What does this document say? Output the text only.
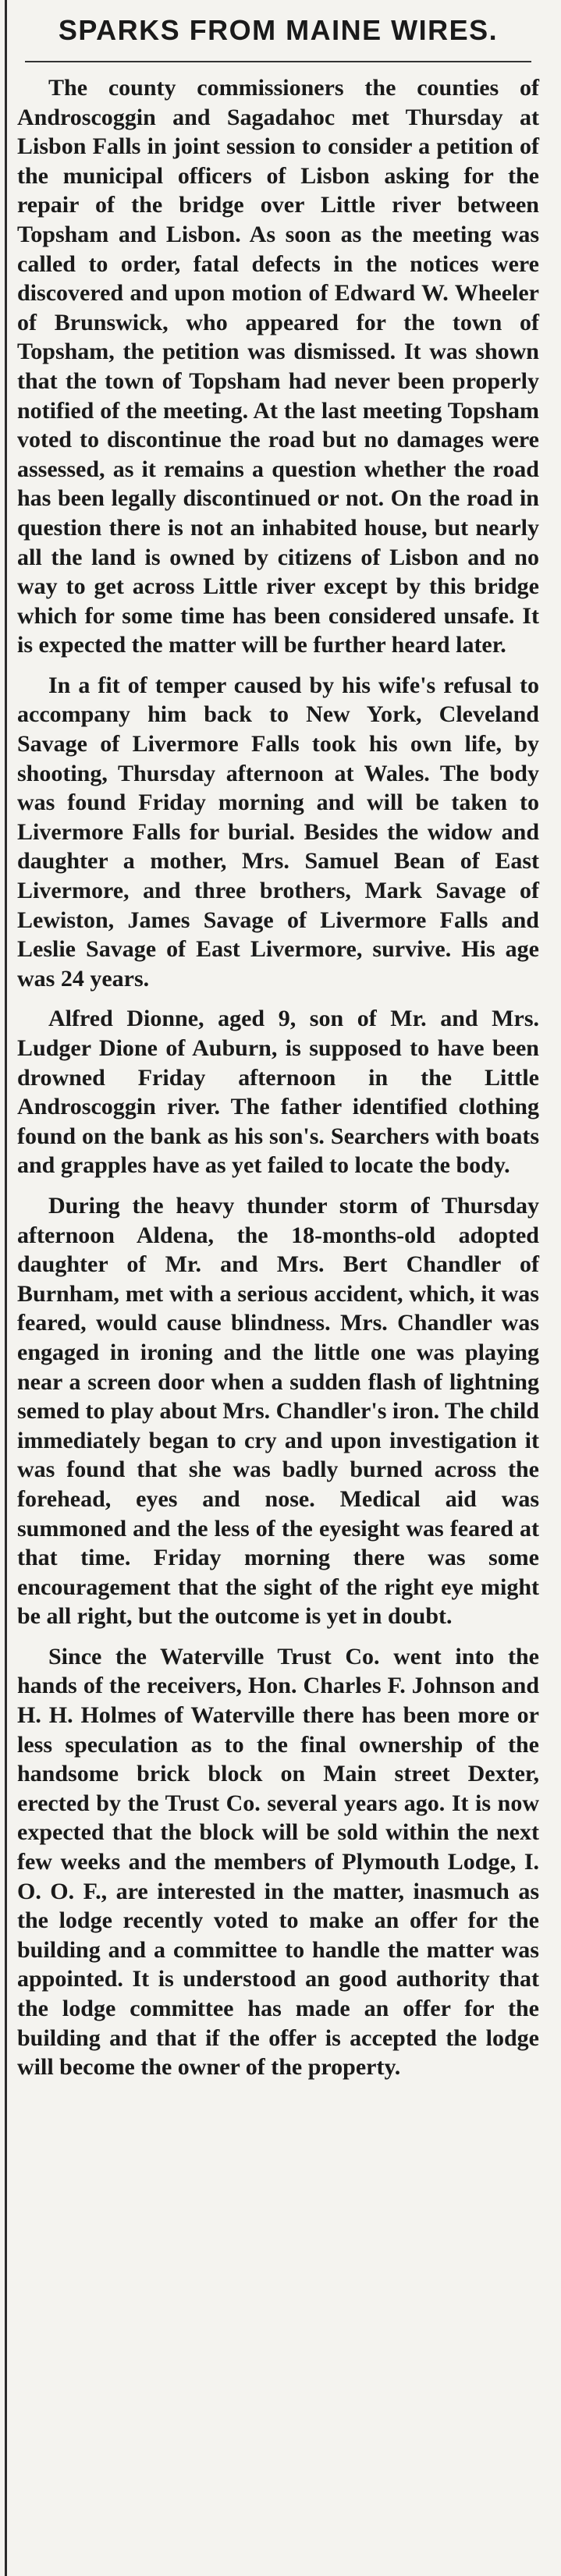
SPARKS FROM MAINE WIRES.

The county commissioners the counties of Androscoggin and Sagadahoc met Thursday at Lisbon Falls in joint session to consider a petition of the municipal officers of Lisbon asking for the repair of the bridge over Little river between Topsham and Lisbon. As soon as the meeting was called to order, fatal defects in the notices were discovered and upon motion of Edward W. Wheeler of Brunswick, who appeared for the town of Topsham, the petition was dismissed. It was shown that the town of Topsham had never been properly notified of the meeting. At the last meeting Topsham voted to discontinue the road but no damages were assessed, as it remains a question whether the road has been legally discontinued or not. On the road in question there is not an inhabited house, but nearly all the land is owned by citizens of Lisbon and no way to get across Little river except by this bridge which for some time has been considered unsafe. It is expected the matter will be further heard later.

In a fit of temper caused by his wife's refusal to accompany him back to New York, Cleveland Savage of Livermore Falls took his own life, by shooting, Thursday afternoon at Wales. The body was found Friday morning and will be taken to Livermore Falls for burial. Besides the widow and daughter a mother, Mrs. Samuel Bean of East Livermore, and three brothers, Mark Savage of Lewiston, James Savage of Livermore Falls and Leslie Savage of East Livermore, survive. His age was 24 years.

Alfred Dionne, aged 9, son of Mr. and Mrs. Ludger Dione of Auburn, is supposed to have been drowned Friday afternoon in the Little Androscoggin river. The father identified clothing found on the bank as his son's. Searchers with boats and grapples have as yet failed to locate the body.

During the heavy thunder storm of Thursday afternoon Aldena, the 18-months-old adopted daughter of Mr. and Mrs. Bert Chandler of Burnham, met with a serious accident, which, it was feared, would cause blindness. Mrs. Chandler was engaged in ironing and the little one was playing near a screen door when a sudden flash of lightning semed to play about Mrs. Chandler's iron. The child immediately began to cry and upon investigation it was found that she was badly burned across the forehead, eyes and nose. Medical aid was summoned and the less of the eyesight was feared at that time. Friday morning there was some encouragement that the sight of the right eye might be all right, but the outcome is yet in doubt.

Since the Waterville Trust Co. went into the hands of the receivers, Hon. Charles F. Johnson and H. H. Holmes of Waterville there has been more or less speculation as to the final ownership of the handsome brick block on Main street Dexter, erected by the Trust Co. several years ago. It is now expected that the block will be sold within the next few weeks and the members of Plymouth Lodge, I. O. O. F., are interested in the matter, inasmuch as the lodge recently voted to make an offer for the building and a committee to handle the matter was appointed. It is understood an good authority that the lodge committee has made an offer for the building and that if the offer is accepted the lodge will become the owner of the property.
